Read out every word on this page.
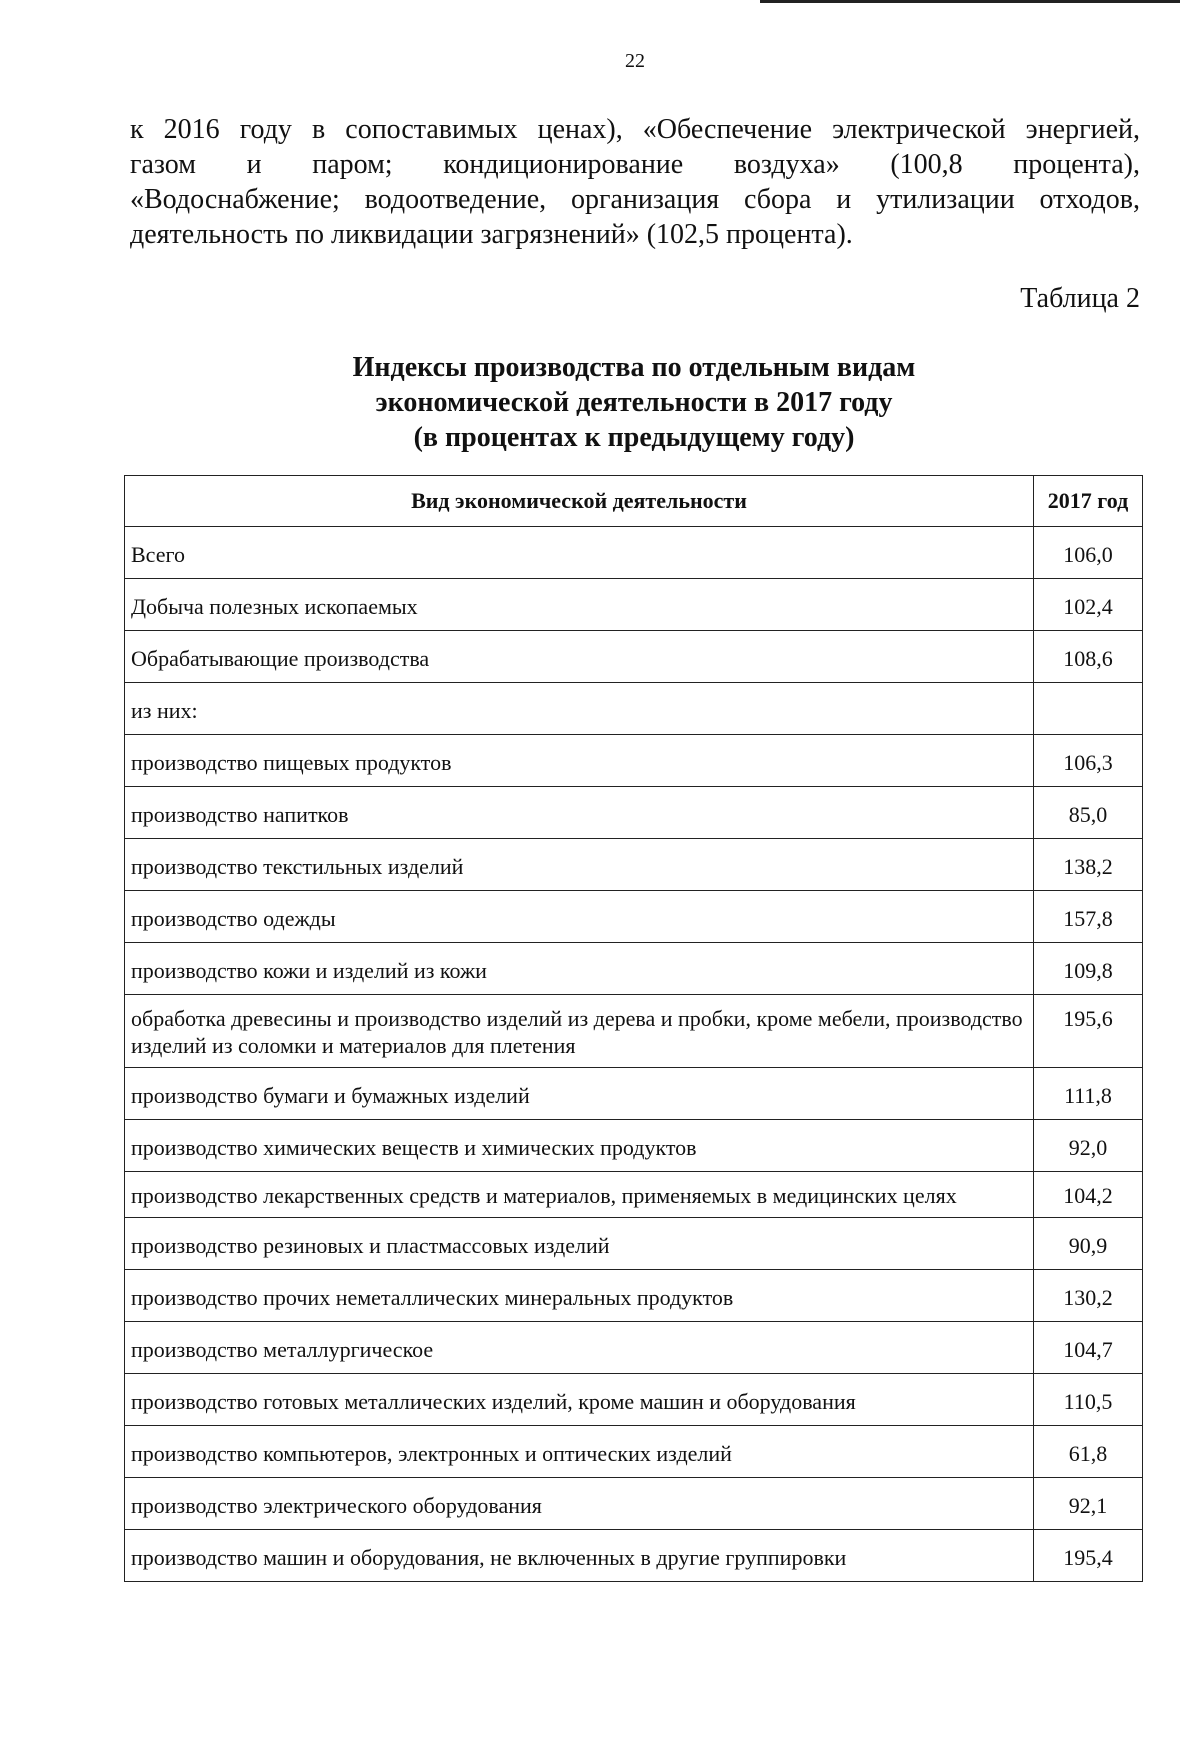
22
к 2016 году в сопоставимых ценах), «Обеспечение электрической энергией,
газом и паром; кондиционирование воздуха» (100,8 процента),
«Водоснабжение; водоотведение, организация сбора и утилизации отходов,
деятельность по ликвидации загрязнений» (102,5 процента).
Таблица 2
Индексы производства по отдельным видам
экономической деятельности в 2017 году
(в процентах к предыдущему году)
Вид экономической деятельности	2017 год
Всего	106,0
Добыча полезных ископаемых	102,4
Обрабатывающие производства	108,6
из них:	
производство пищевых продуктов	106,3
производство напитков	85,0
производство текстильных изделий	138,2
производство одежды	157,8
производство кожи и изделий из кожи	109,8
обработка древесины и производство изделий из дерева и пробки, кроме мебели, производство изделий из соломки и материалов для плетения	195,6
производство бумаги и бумажных изделий	111,8
производство химических веществ и химических продуктов	92,0
производство лекарственных средств и материалов, применяемых в медицинских целях	104,2
производство резиновых и пластмассовых изделий	90,9
производство прочих неметаллических минеральных продуктов	130,2
производство металлургическое	104,7
производство готовых металлических изделий, кроме машин и оборудования	110,5
производство компьютеров, электронных и оптических изделий	61,8
производство электрического оборудования	92,1
производство машин и оборудования, не включенных в другие группировки	195,4
